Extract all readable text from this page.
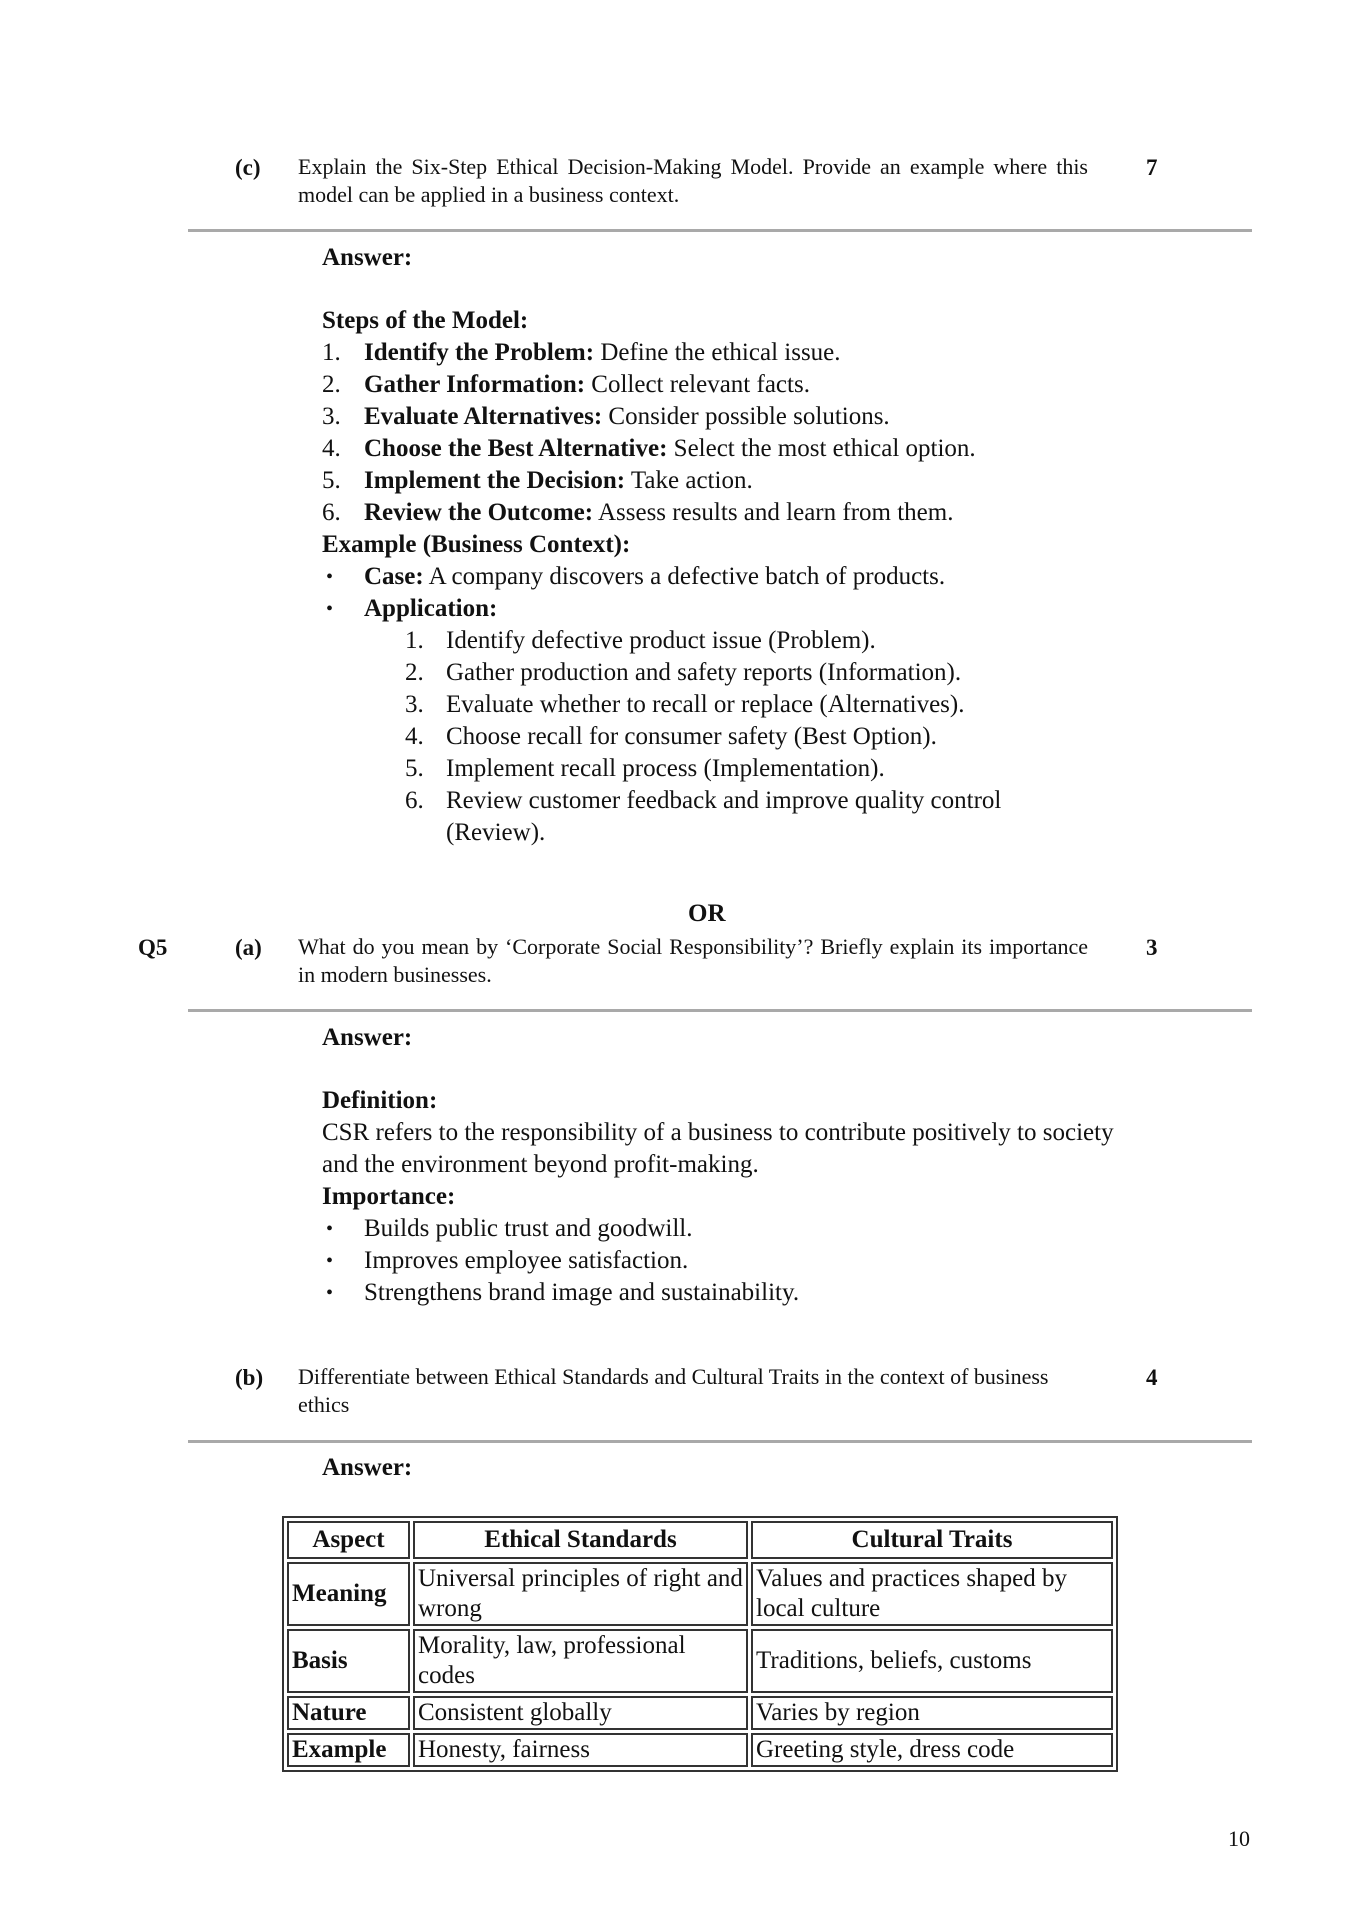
(c) Explain the Six-Step Ethical Decision-Making Model. Provide an example where this model can be applied in a business context.
7
Answer:
Steps of the Model:
1. Identify the Problem: Define the ethical issue.
2. Gather Information: Collect relevant facts.
3. Evaluate Alternatives: Consider possible solutions.
4. Choose the Best Alternative: Select the most ethical option.
5. Implement the Decision: Take action.
6. Review the Outcome: Assess results and learn from them.
Example (Business Context):
• Case: A company discovers a defective batch of products.
• Application:
1. Identify defective product issue (Problem).
2. Gather production and safety reports (Information).
3. Evaluate whether to recall or replace (Alternatives).
4. Choose recall for consumer safety (Best Option).
5. Implement recall process (Implementation).
6. Review customer feedback and improve quality control (Review).
OR
Q5	(a) What do you mean by ‘Corporate Social Responsibility’? Briefly explain its importance in modern businesses.
3
Answer:
Definition:
CSR refers to the responsibility of a business to contribute positively to society and the environment beyond profit-making.
Importance:
• Builds public trust and goodwill.
• Improves employee satisfaction.
• Strengthens brand image and sustainability.
(b) Differentiate between Ethical Standards and Cultural Traits in the context of business ethics
4
Answer:
Aspect	Ethical Standards	Cultural Traits
Meaning	Universal principles of right and wrong	Values and practices shaped by local culture
Basis	Morality, law, professional codes	Traditions, beliefs, customs
Nature	Consistent globally	Varies by region
Example	Honesty, fairness	Greeting style, dress code
10
